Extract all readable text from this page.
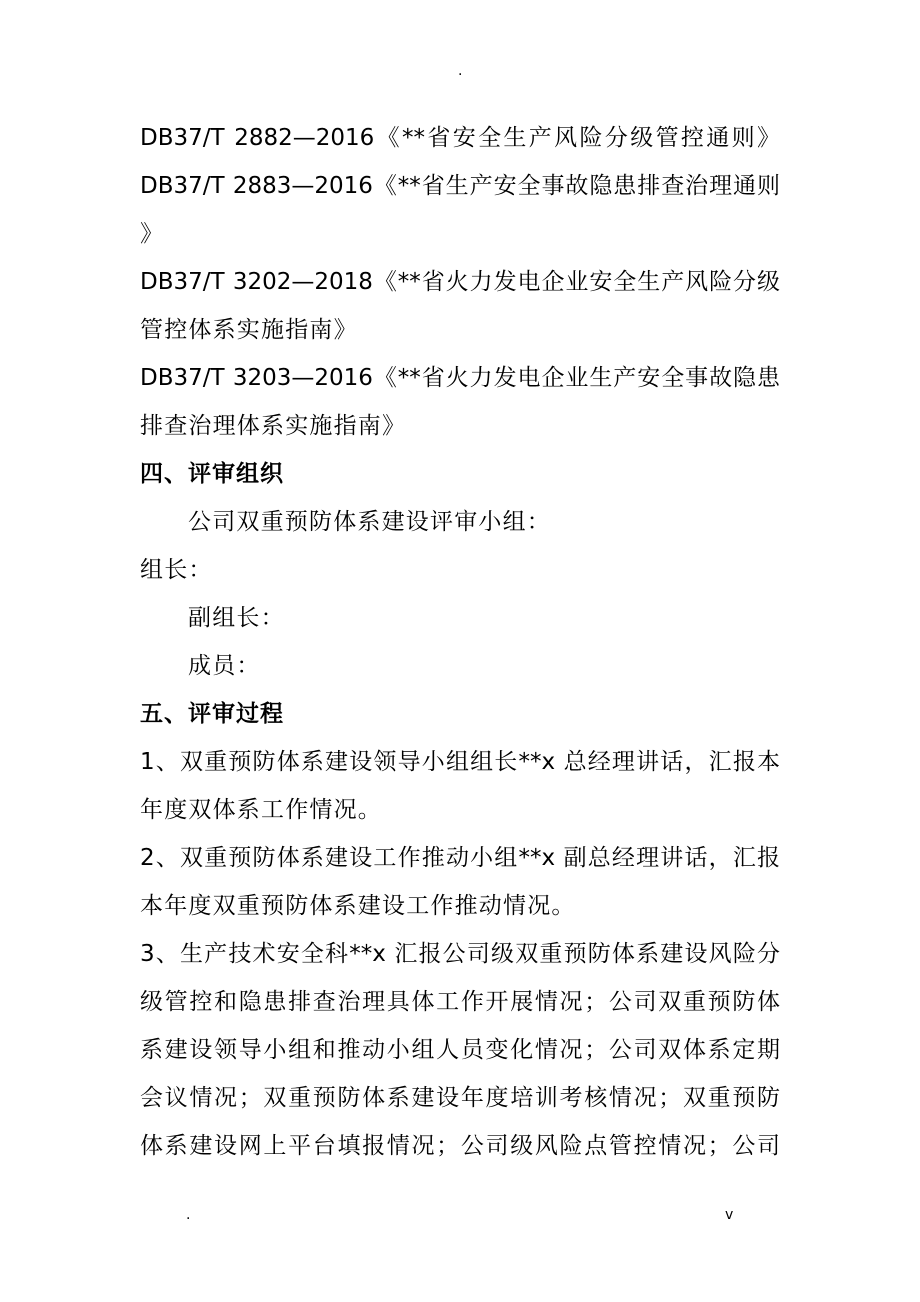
.
DB37/T 2882—2016《**省安全生产风险分级管控通则》
DB37/T 2883—2016《**省生产安全事故隐患排查治理通则
》
DB37/T 3202—2018《**省火力发电企业安全生产风险分级
管控体系实施指南》
DB37/T 3203—2016《**省火力发电企业生产安全事故隐患
排查治理体系实施指南》
四、评审组织
公司双重预防体系建设评审小组：
组长：
副组长：
成员：
五、评审过程
1、双重预防体系建设领导小组组长**x 总经理讲话，汇报本
年度双体系工作情况。
2、双重预防体系建设工作推动小组**x 副总经理讲话，汇报
本年度双重预防体系建设工作推动情况。
3、生产技术安全科**x 汇报公司级双重预防体系建设风险分
级管控和隐患排查治理具体工作开展情况；公司双重预防体
系建设领导小组和推动小组人员变化情况；公司双体系定期
会议情况；双重预防体系建设年度培训考核情况；双重预防
体系建设网上平台填报情况；公司级风险点管控情况；公司
.	v
